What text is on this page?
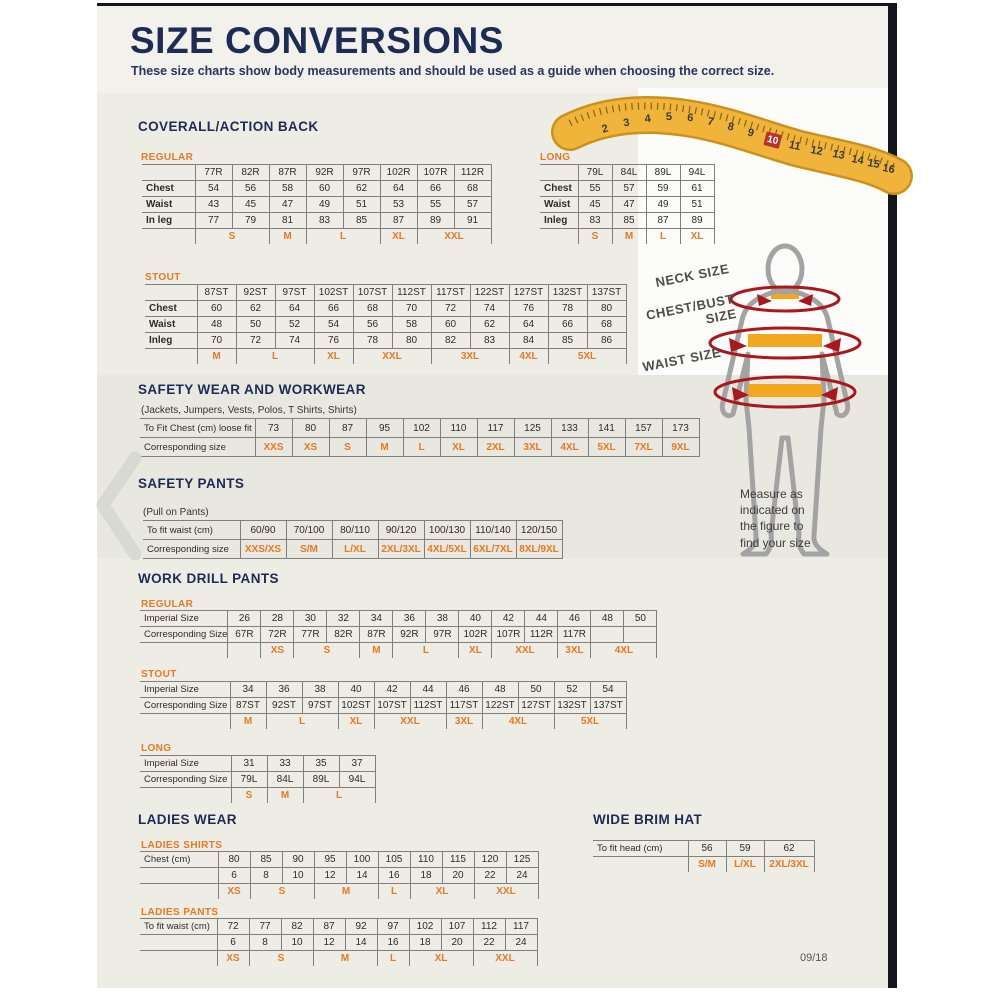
SIZE CONVERSIONS
These size charts show body measurements and should be used as a guide when choosing the correct size.
2 3 4 5 6 7 8 9
10 11 12 13 14 15 16
COVERALL/ACTION BACK
REGULAR
	77R	82R	87R	92R	97R	102R	107R	112R
Chest	54	56	58	60	62	64	66	68
Waist	43	45	47	49	51	53	55	57
In leg	77	79	81	83	85	87	89	91
	S		M	L		XL	XXL	
LONG
	79L	84L	89L	94L
Chest	55	57	59	61
Waist	45	47	49	51
Inleg	83	85	87	89
	S	M	L	XL
STOUT
	87ST	92ST	97ST	102ST	107ST	112ST	117ST	122ST	127ST	132ST	137ST
Chest	60	62	64	66	68	70	72	74	76	78	80
Waist	48	50	52	54	56	58	60	62	64	66	68
Inleg	70	72	74	76	78	80	82	83	84	85	86
	M	L		XL	XXL		3XL		4XL	5XL	
NECK SIZE
CHEST/BUST SIZE
WAIST SIZE
Measure as indicated on the figure to find your size
SAFETY WEAR AND WORKWEAR
(Jackets, Jumpers, Vests, Polos, T Shirts, Shirts)
To Fit Chest (cm) loose fit	73	80	87	95	102	110	117	125	133	141	157	173
Corresponding size	XXS	XS	S	M	L	XL	2XL	3XL	4XL	5XL	7XL	9XL
SAFETY PANTS
(Pull on Pants)
To fit waist (cm)	60/90	70/100	80/110	90/120	100/130	110/140	120/150
Corresponding size	XXS/XS	S/M	L/XL	2XL/3XL	4XL/5XL	6XL/7XL	8XL/9XL
WORK DRILL PANTS
REGULAR
Imperial Size	26	28	30	32	34	36	38	40	42	44	46	48	50
Corresponding Size	67R	72R	77R	82R	87R	92R	97R	102R	107R	112R	117R		
		XS	S		M	L		XL	XXL		3XL	4XL	
STOUT
Imperial Size	34	36	38	40	42	44	46	48	50	52	54
Corresponding Size	87ST	92ST	97ST	102ST	107ST	112ST	117ST	122ST	127ST	132ST	137ST
	M	L		XL	XXL		3XL	4XL		5XL	
LONG
Imperial Size	31	33	35	37
Corresponding Size	79L	84L	89L	94L
	S	M	L	
LADIES WEAR
LADIES SHIRTS
Chest (cm)	80	85	90	95	100	105	110	115	120	125
	6	8	10	12	14	16	18	20	22	24
	XS	S		M		L	XL		XXL	
LADIES PANTS
To fit waist (cm)	72	77	82	87	92	97	102	107	112	117
	6	8	10	12	14	16	18	20	22	24
	XS	S		M		L	XL		XXL	
WIDE BRIM HAT
To fit head (cm)	56	59	62
	S/M	L/XL	2XL/3XL
09/18
